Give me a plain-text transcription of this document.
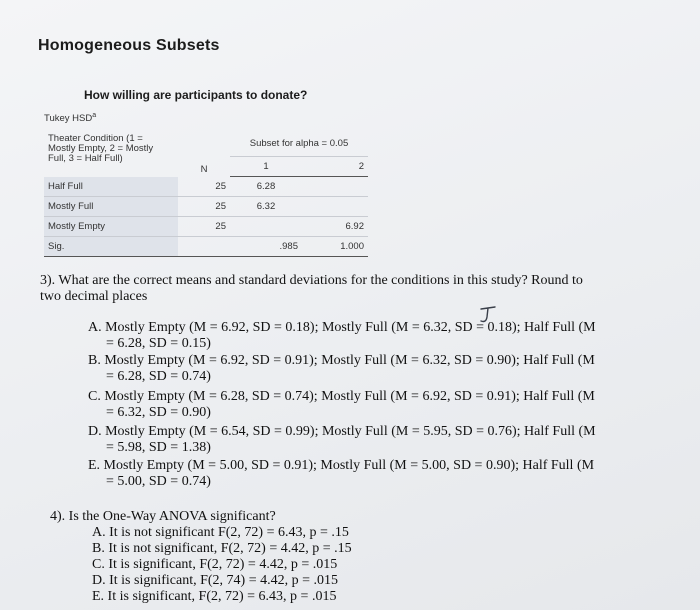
Homogeneous Subsets
How willing are participants to donate?
Tukey HSD$^a$
Theater Condition (1 =
Mostly Empty, 2 = Mostly
Full, 3 = Half Full)	N	Subset for alpha = 0.05	
		1	2
Half Full	25	6.28	
Mostly Full	25	6.32	
Mostly Empty	25		6.92
Sig.		.985	1.000
3). What are the correct means and standard deviations for the conditions in this study? Round to
two decimal places
A. Mostly Empty (M = 6.92, SD = 0.18); Mostly Full (M = 6.32, SD = 0.18); Half Full (M
= 6.28, SD = 0.15)
B. Mostly Empty (M = 6.92, SD = 0.91); Mostly Full (M = 6.32, SD = 0.90); Half Full (M
= 6.28, SD = 0.74)
C. Mostly Empty (M = 6.28, SD = 0.74); Mostly Full (M = 6.92, SD = 0.91); Half Full (M
= 6.32, SD = 0.90)
D. Mostly Empty (M = 6.54, SD = 0.99); Mostly Full (M = 5.95, SD = 0.76); Half Full (M
= 5.98, SD = 1.38)
E. Mostly Empty (M = 5.00, SD = 0.91); Mostly Full (M = 5.00, SD = 0.90); Half Full (M
= 5.00, SD = 0.74)
4). Is the One-Way ANOVA significant?
A. It is not significant F(2, 72) = 6.43, p = .15
B. It is not significant, F(2, 72) = 4.42, p = .15
C. It is significant, F(2, 72) = 4.42, p = .015
D. It is significant, F(2, 74) = 4.42, p = .015
E. It is significant, F(2, 72) = 6.43, p = .015
